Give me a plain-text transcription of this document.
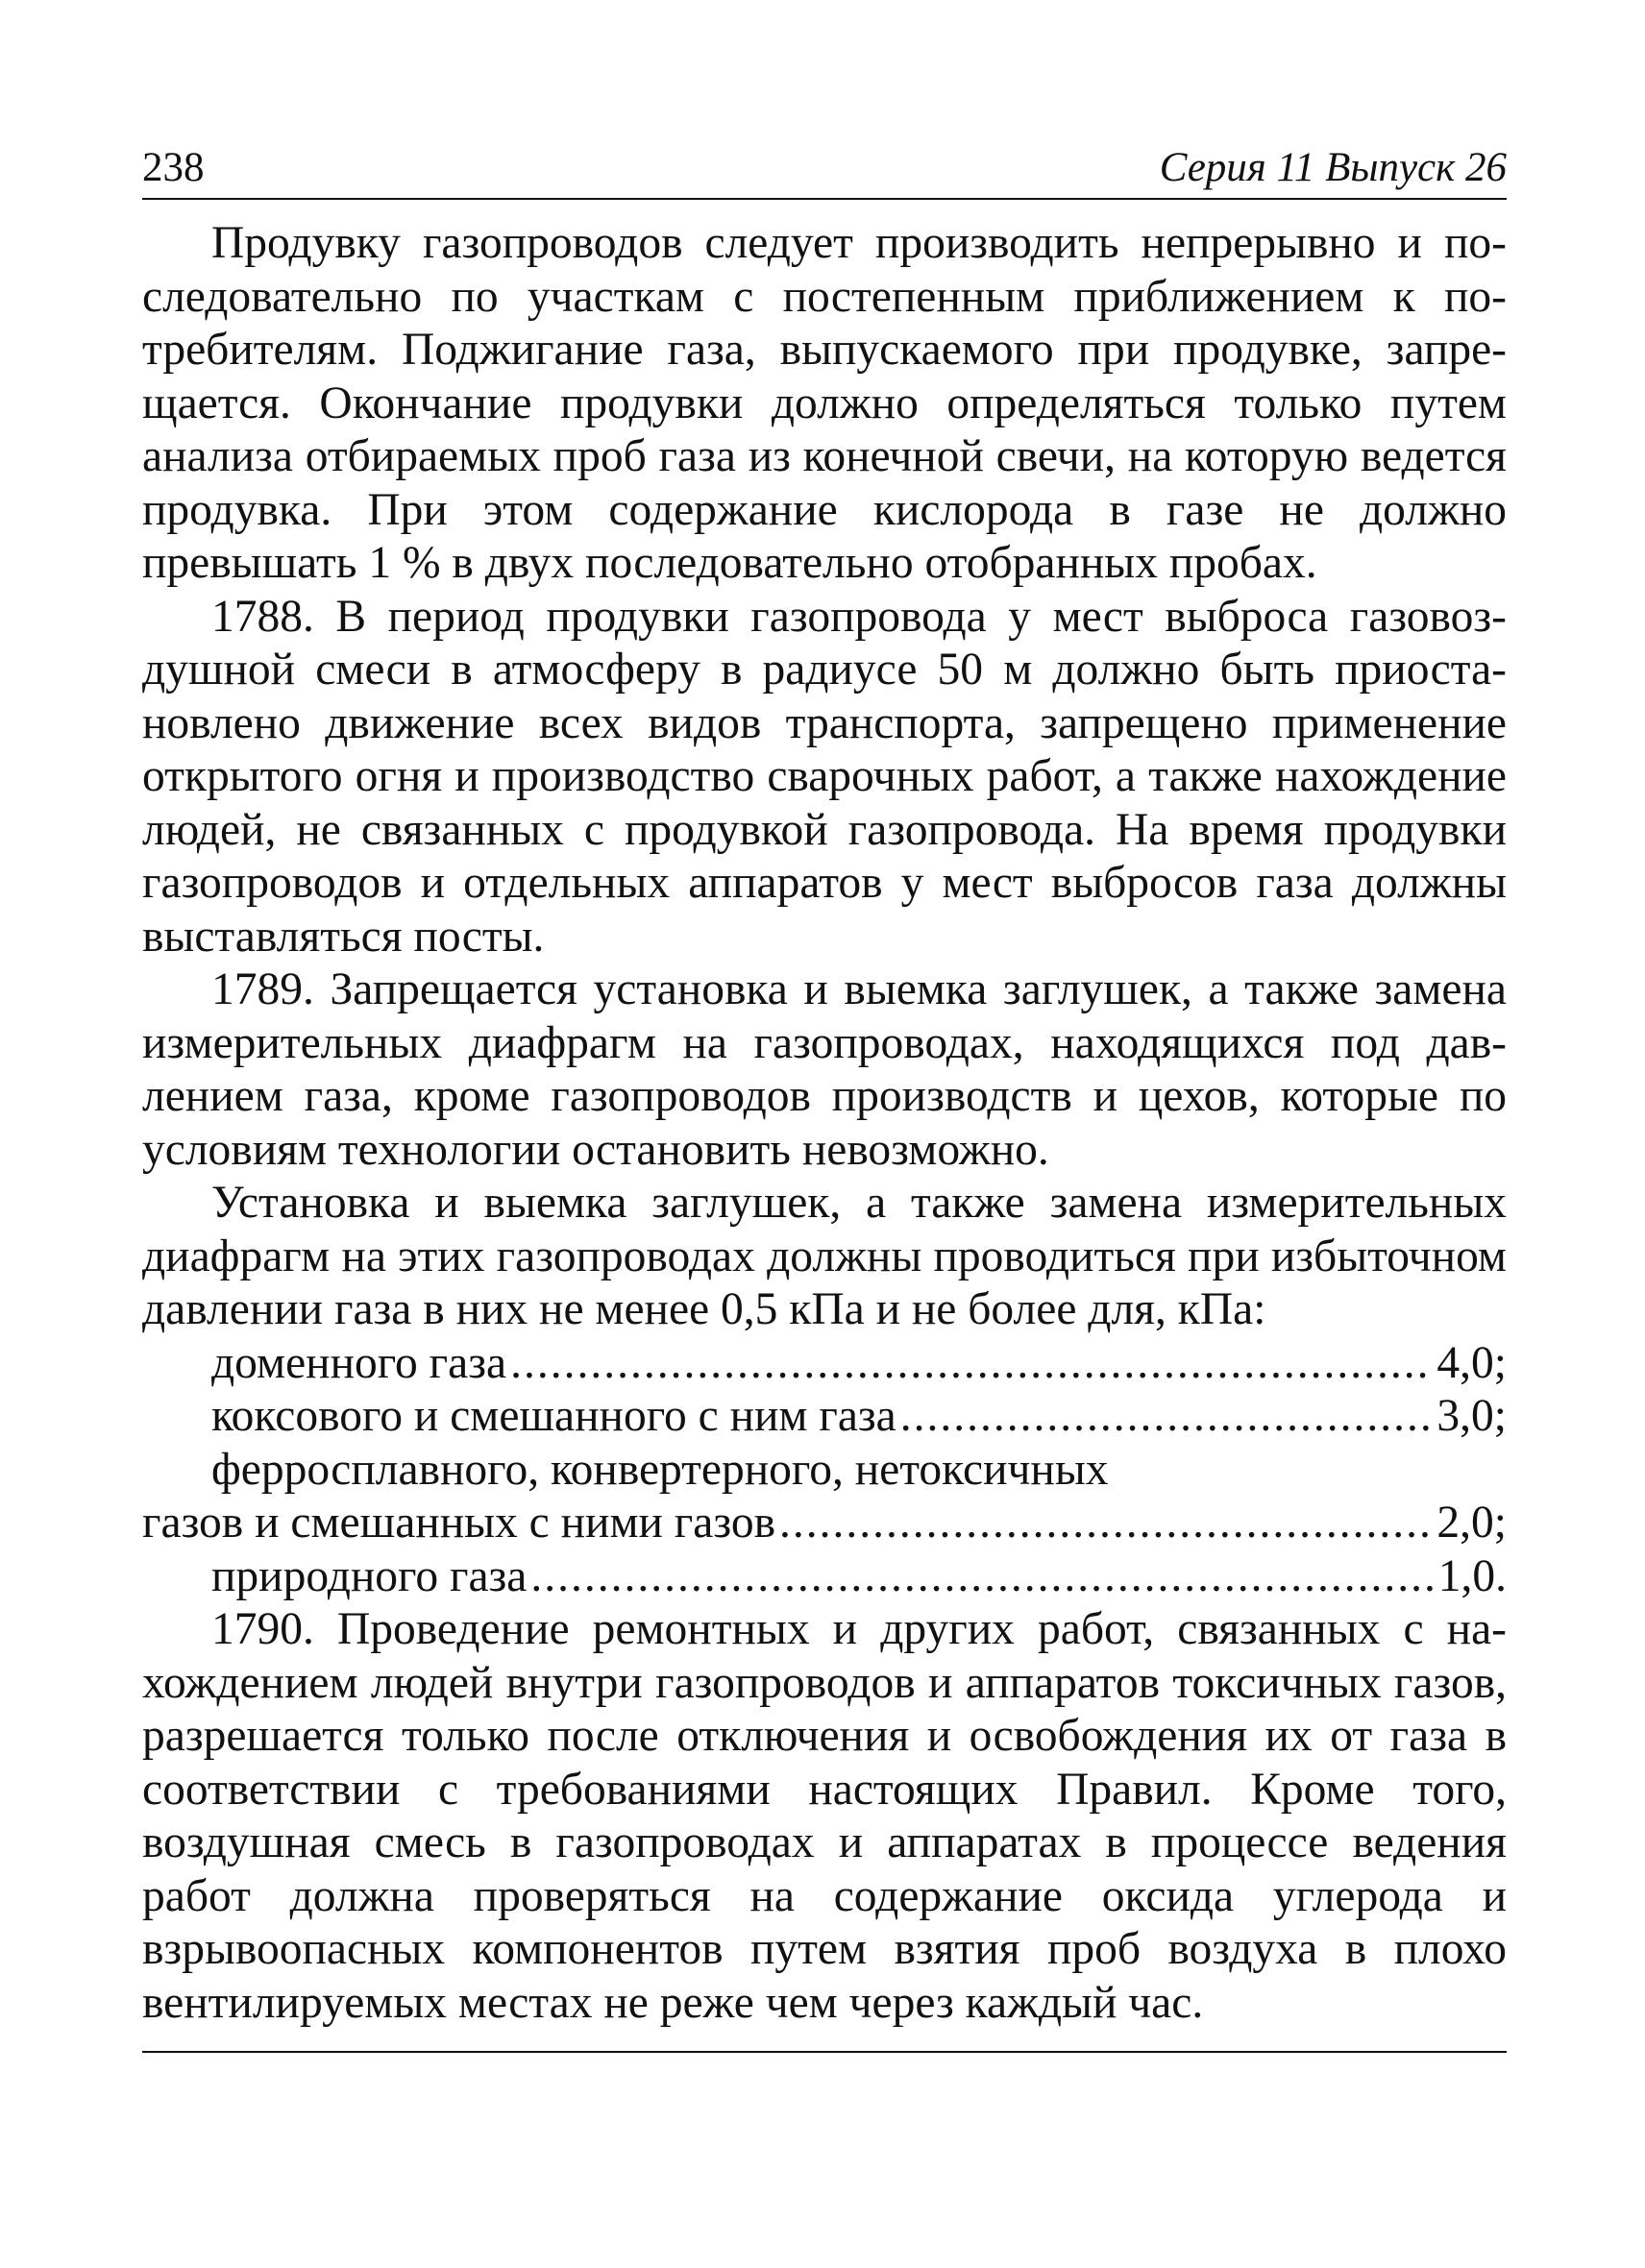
238	Серия 11 Выпуск 26

Продувку газопроводов следует производить непрерывно и последовательно по участкам с постепенным приближением к потребителям. Поджигание газа, выпускаемого при продувке, запрещается. Окончание продувки должно определяться только путем анализа отбираемых проб газа из конечной свечи, на которую ведется продувка. При этом содержание кислорода в газе не должно превышать 1 % в двух последовательно отобранных пробах.

1788. В период продувки газопровода у мест выброса газовоздушной смеси в атмосферу в радиусе 50 м должно быть приостановлено движение всех видов транспорта, запрещено применение открытого огня и производство сварочных работ, а также нахождение людей, не связанных с продувкой газопровода. На время продувки газопроводов и отдельных аппаратов у мест выбросов газа должны выставляться посты.

1789. Запрещается установка и выемка заглушек, а также замена измерительных диафрагм на газопроводах, находящихся под давлением газа, кроме газопроводов производств и цехов, которые по условиям технологии остановить невозможно.

Установка и выемка заглушек, а также замена измерительных диафрагм на этих газопроводах должны проводиться при избыточном давлении газа в них не менее 0,5 кПа и не более для, кПа:

доменного газа .....	4,0;
коксового и смешанного с ним газа .....	3,0;
ферросплавного, конвертерного, нетоксичных
газов и смешанных с ними газов .....	2,0;
природного газа .....	1,0.

1790. Проведение ремонтных и других работ, связанных с нахождением людей внутри газопроводов и аппаратов токсичных газов, разрешается только после отключения и освобождения их от газа в соответствии с требованиями настоящих Правил. Кроме того, воздушная смесь в газопроводах и аппаратах в процессе ведения работ должна проверяться на содержание оксида углерода и взрывоопасных компонентов путем взятия проб воздуха в плохо вентилируемых местах не реже чем через каждый час.
